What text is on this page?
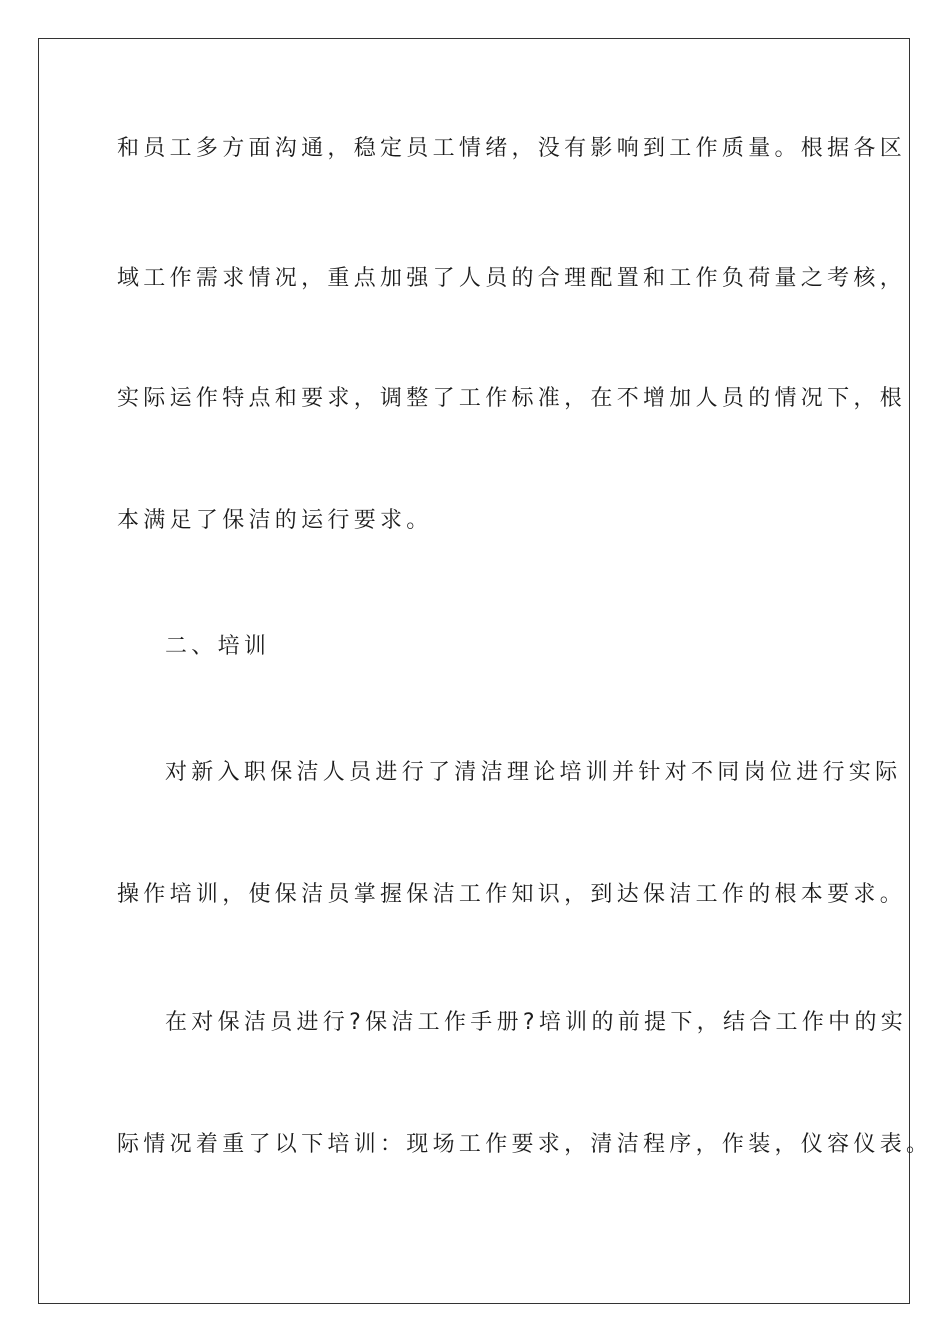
和员工多方面沟通，稳定员工情绪，没有影响到工作质量。根据各区
域工作需求情况，重点加强了人员的合理配置和工作负荷量之考核，
实际运作特点和要求，调整了工作标准，在不增加人员的情况下，根
本满足了保洁的运行要求。
二、培训
对新入职保洁人员进行了清洁理论培训并针对不同岗位进行实际
操作培训，使保洁员掌握保洁工作知识，到达保洁工作的根本要求。
在对保洁员进行?保洁工作手册?培训的前提下，结合工作中的实
际情况着重了以下培训：现场工作要求，清洁程序，作装，仪容仪表。
